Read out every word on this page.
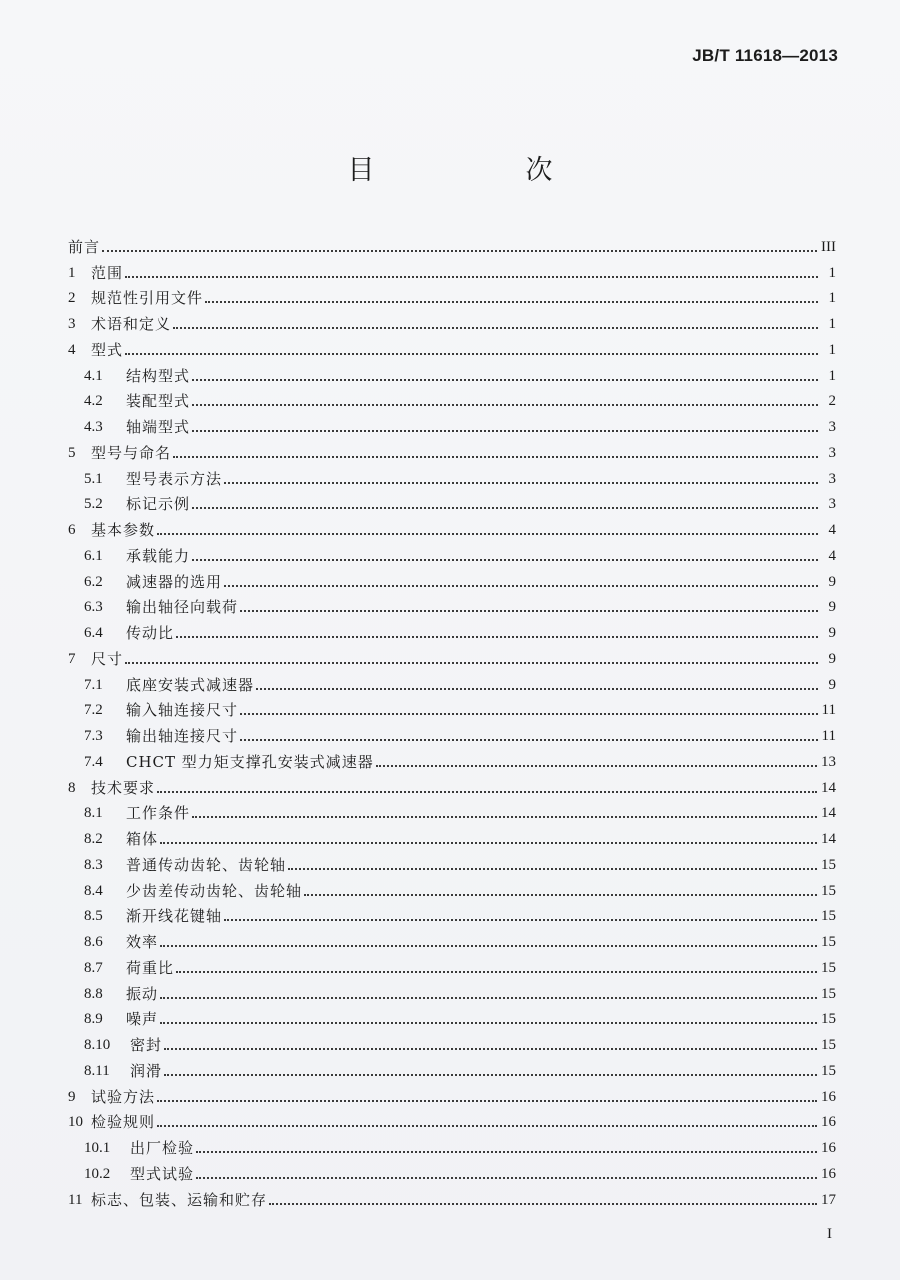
JB/T 11618—2013
目　次
前言	III
1	范围	1
2	规范性引用文件	1
3	术语和定义	1
4	型式	1
4.1	结构型式	1
4.2	装配型式	2
4.3	轴端型式	3
5	型号与命名	3
5.1	型号表示方法	3
5.2	标记示例	3
6	基本参数	4
6.1	承载能力	4
6.2	减速器的选用	9
6.3	输出轴径向载荷	9
6.4	传动比	9
7	尺寸	9
7.1	底座安装式减速器	9
7.2	输入轴连接尺寸	11
7.3	输出轴连接尺寸	11
7.4	CHCT 型力矩支撑孔安装式减速器	13
8	技术要求	14
8.1	工作条件	14
8.2	箱体	14
8.3	普通传动齿轮、齿轮轴	15
8.4	少齿差传动齿轮、齿轮轴	15
8.5	渐开线花键轴	15
8.6	效率	15
8.7	荷重比	15
8.8	振动	15
8.9	噪声	15
8.10	密封	15
8.11	润滑	15
9	试验方法	16
10 检验规则	16
10.1	出厂检验	16
10.2	型式试验	16
11 标志、包装、运输和贮存	17
I
